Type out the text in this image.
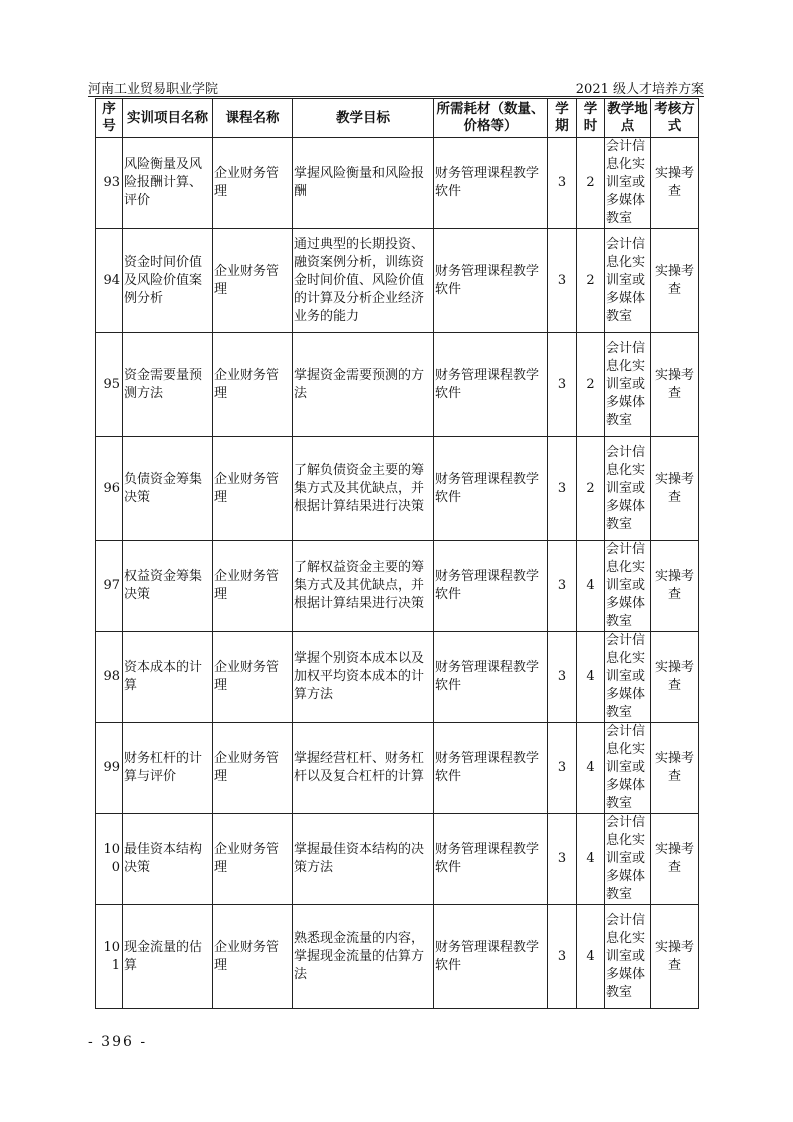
河南工业贸易职业学院	2021 级人才培养方案
序号	实训项目名称	课程名称	教学目标	所需耗材（数量、价格等）	学期	学时	教学地点	考核方式
93	风险衡量及风险报酬计算、评价	企业财务管理	掌握风险衡量和风险报酬	财务管理课程教学软件	3	2	会计信息化实训室或多媒体教室	实操考查
94	资金时间价值及风险价值案例分析	企业财务管理	通过典型的长期投资、融资案例分析，训练资金时间价值、风险价值的计算及分析企业经济业务的能力	财务管理课程教学软件	3	2	会计信息化实训室或多媒体教室	实操考查
95	资金需要量预测方法	企业财务管理	掌握资金需要预测的方法	财务管理课程教学软件	3	2	会计信息化实训室或多媒体教室	实操考查
96	负债资金筹集决策	企业财务管理	了解负债资金主要的筹集方式及其优缺点，并根据计算结果进行决策	财务管理课程教学软件	3	2	会计信息化实训室或多媒体教室	实操考查
97	权益资金筹集决策	企业财务管理	了解权益资金主要的筹集方式及其优缺点，并根据计算结果进行决策	财务管理课程教学软件	3	4	会计信息化实训室或多媒体教室	实操考查
98	资本成本的计算	企业财务管理	掌握个别资本成本以及加权平均资本成本的计算方法	财务管理课程教学软件	3	4	会计信息化实训室或多媒体教室	实操考查
99	财务杠杆的计算与评价	企业财务管理	掌握经营杠杆、财务杠杆以及复合杠杆的计算	财务管理课程教学软件	3	4	会计信息化实训室或多媒体教室	实操考查
100	最佳资本结构决策	企业财务管理	掌握最佳资本结构的决策方法	财务管理课程教学软件	3	4	会计信息化实训室或多媒体教室	实操考查
101	现金流量的估算	企业财务管理	熟悉现金流量的内容，掌握现金流量的估算方法	财务管理课程教学软件	3	4	会计信息化实训室或多媒体教室	实操考查
- 396 -
